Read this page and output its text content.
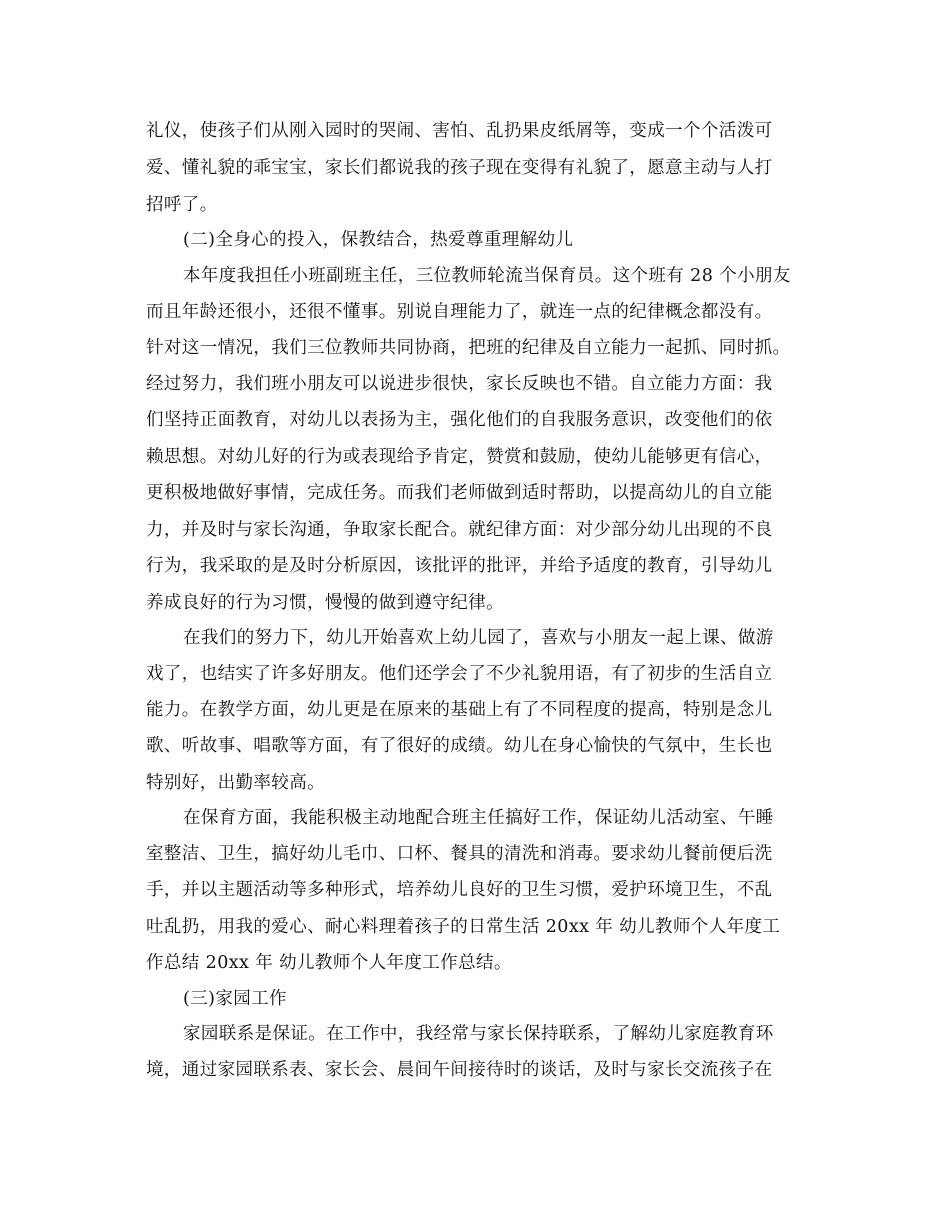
礼仪，使孩子们从刚入园时的哭闹、害怕、乱扔果皮纸屑等，变成一个个活泼可

爱、懂礼貌的乖宝宝，家长们都说我的孩子现在变得有礼貌了，愿意主动与人打

招呼了。

(二)全身心的投入，保教结合，热爱尊重理解幼儿

本年度我担任小班副班主任，三位教师轮流当保育员。这个班有 28 个小朋友

而且年龄还很小，还很不懂事。别说自理能力了，就连一点的纪律概念都没有。

针对这一情况，我们三位教师共同协商，把班的纪律及自立能力一起抓、同时抓。

经过努力，我们班小朋友可以说进步很快，家长反映也不错。自立能力方面：我

们坚持正面教育，对幼儿以表扬为主，强化他们的自我服务意识，改变他们的依

赖思想。对幼儿好的行为或表现给予肯定，赞赏和鼓励，使幼儿能够更有信心，

更积极地做好事情，完成任务。而我们老师做到适时帮助，以提高幼儿的自立能

力，并及时与家长沟通，争取家长配合。就纪律方面：对少部分幼儿出现的不良

行为，我采取的是及时分析原因，该批评的批评，并给予适度的教育，引导幼儿

养成良好的行为习惯，慢慢的做到遵守纪律。

在我们的努力下，幼儿开始喜欢上幼儿园了，喜欢与小朋友一起上课、做游

戏了，也结实了许多好朋友。他们还学会了不少礼貌用语，有了初步的生活自立

能力。在教学方面，幼儿更是在原来的基础上有了不同程度的提高，特别是念儿

歌、听故事、唱歌等方面，有了很好的成绩。幼儿在身心愉快的气氛中，生长也

特别好，出勤率较高。

在保育方面，我能积极主动地配合班主任搞好工作，保证幼儿活动室、午睡

室整洁、卫生，搞好幼儿毛巾、口杯、餐具的清洗和消毒。要求幼儿餐前便后洗

手，并以主题活动等多种形式，培养幼儿良好的卫生习惯，爱护环境卫生，不乱

吐乱扔，用我的爱心、耐心料理着孩子的日常生活 20xx 年 幼儿教师个人年度工

作总结 20xx 年 幼儿教师个人年度工作总结。

(三)家园工作

家园联系是保证。在工作中，我经常与家长保持联系，了解幼儿家庭教育环

境，通过家园联系表、家长会、晨间午间接待时的谈话，及时与家长交流孩子在
